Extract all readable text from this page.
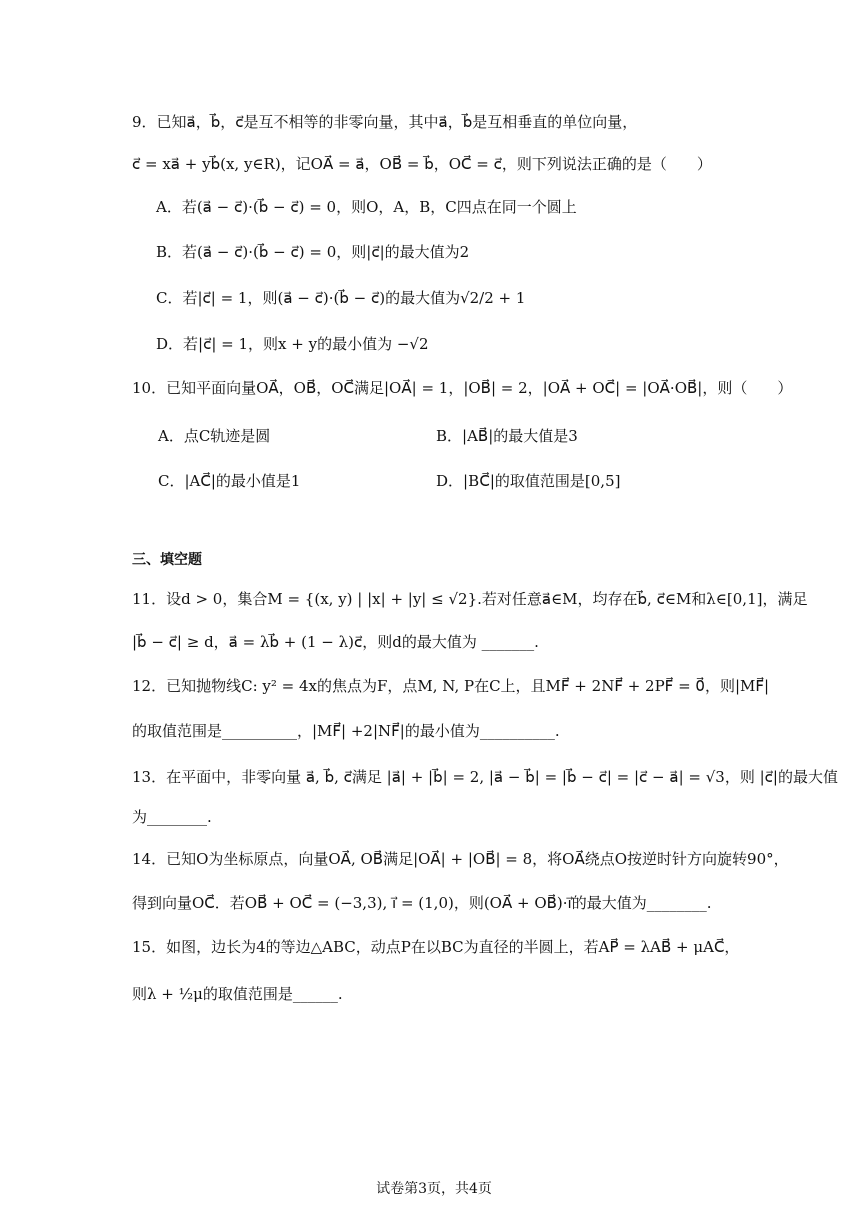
9．已知a⃗，b⃗，c⃗是互不相等的非零向量，其中a⃗，b⃗是互相垂直的单位向量，
c⃗ = xa⃗ + yb⃗(x, y∈R)，记OA⃗ = a⃗，OB⃗ = b⃗，OC⃗ = c⃗，则下列说法正确的是（　　）
A．若(a⃗ − c⃗)·(b⃗ − c⃗) = 0，则O，A，B，C四点在同一个圆上
B．若(a⃗ − c⃗)·(b⃗ − c⃗) = 0，则|c⃗|的最大值为2
C．若|c⃗| = 1，则(a⃗ − c⃗)·(b⃗ − c⃗)的最大值为√2/2 + 1
D．若|c⃗| = 1，则x + y的最小值为 −√2
10．已知平面向量OA⃗，OB⃗，OC⃗满足|OA⃗| = 1，|OB⃗| = 2，|OA⃗ + OC⃗| = |OA⃗·OB⃗|，则（　　）
A．点C轨迹是圆	B．|AB⃗|的最大值是3
C．|AC⃗|的最小值是1	D．|BC⃗|的取值范围是[0,5]
三、填空题
11．设d > 0，集合M = {(x, y) | |x| + |y| ≤ √2}.若对任意a⃗∈M，均存在b⃗, c⃗∈M和λ∈[0,1]，满足
|b⃗ − c⃗| ≥ d，a⃗ = λb⃗ + (1 − λ)c⃗，则d的最大值为 _______.
12．已知抛物线C: y² = 4x的焦点为F，点M, N, P在C上，且MF⃗ + 2NF⃗ + 2PF⃗ = 0⃗，则|MF⃗|
的取值范围是__________，|MF⃗| +2|NF⃗|的最小值为__________.
13．在平面中，非零向量 a⃗, b⃗, c⃗满足 |a⃗| + |b⃗| = 2, |a⃗ − b⃗| = |b⃗ − c⃗| = |c⃗ − a⃗| = √3，则 |c⃗|的最大值
为________.
14．已知O为坐标原点，向量OA⃗, OB⃗满足|OA⃗| + |OB⃗| = 8，将OA⃗绕点O按逆时针方向旋转90°，
得到向量OC⃗．若OB⃗ + OC⃗ = (−3,3), i⃗ = (1,0)，则(OA⃗ + OB⃗)·i⃗的最大值为________.
15．如图，边长为4的等边△ABC，动点P在以BC为直径的半圆上，若AP⃗ = λAB⃗ + μAC⃗，
则λ + ½μ的取值范围是______.
试卷第3页，共4页
